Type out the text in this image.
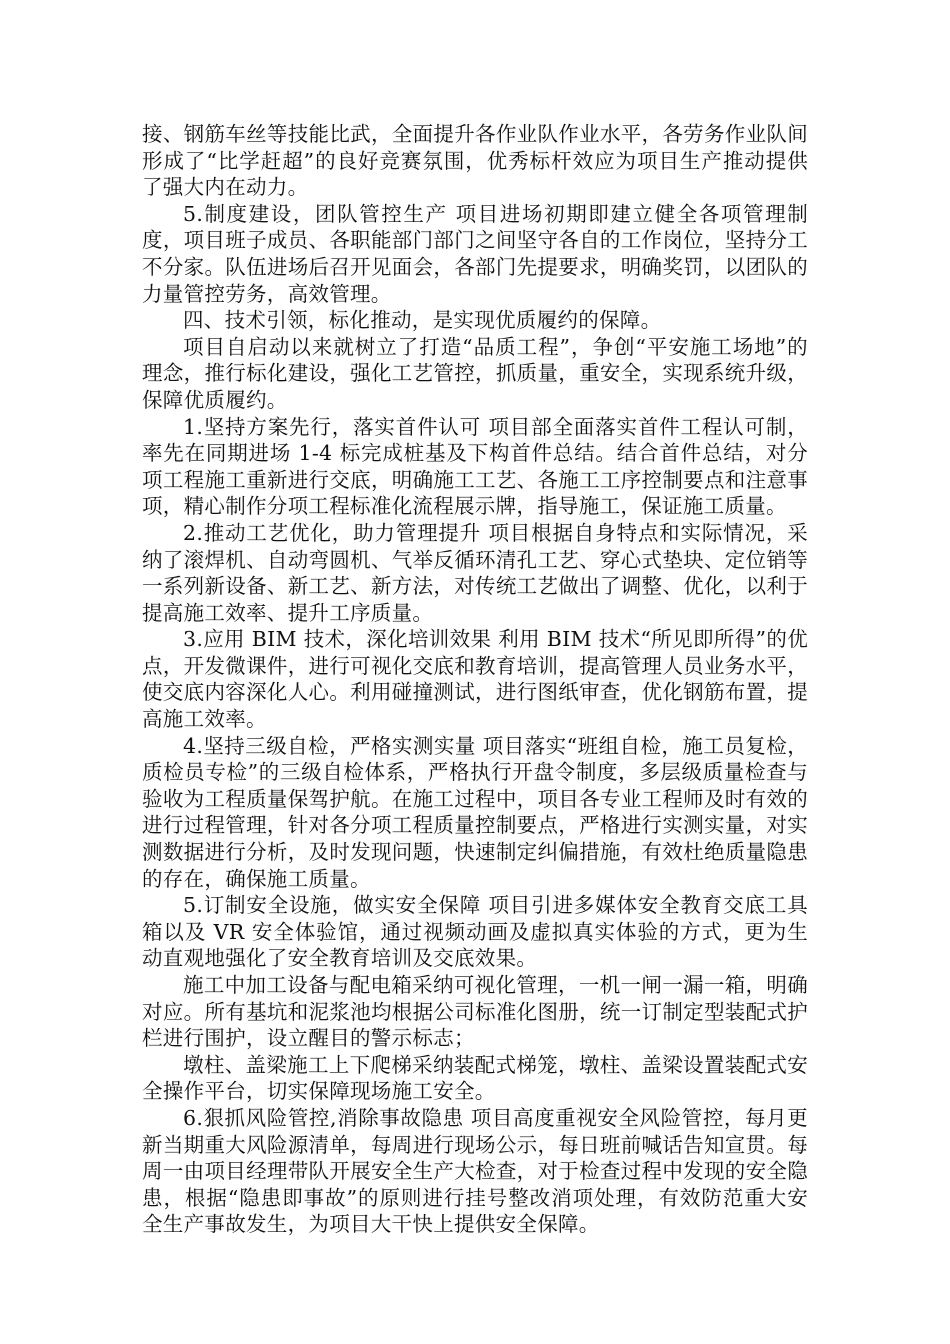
接、钢筋车丝等技能比武，全面提升各作业队作业水平，各劳务作业队间形成了“比学赶超”的良好竞赛氛围，优秀标杆效应为项目生产推动提供了强大内在动力。

5.制度建设，团队管控生产 项目进场初期即建立健全各项管理制度，项目班子成员、各职能部门部门之间坚守各自的工作岗位，坚持分工不分家。队伍进场后召开见面会，各部门先提要求，明确奖罚，以团队的力量管控劳务，高效管理。

四、技术引领，标化推动，是实现优质履约的保障。

项目自启动以来就树立了打造“品质工程”，争创“平安施工场地”的理念，推行标化建设，强化工艺管控，抓质量，重安全，实现系统升级，保障优质履约。

1.坚持方案先行，落实首件认可 项目部全面落实首件工程认可制，率先在同期进场 1-4 标完成桩基及下构首件总结。结合首件总结，对分项工程施工重新进行交底，明确施工工艺、各施工工序控制要点和注意事项，精心制作分项工程标准化流程展示牌，指导施工，保证施工质量。

2.推动工艺优化，助力管理提升 项目根据自身特点和实际情况，采纳了滚焊机、自动弯圆机、气举反循环清孔工艺、穿心式垫块、定位销等一系列新设备、新工艺、新方法，对传统工艺做出了调整、优化，以利于提高施工效率、提升工序质量。

3.应用 BIM 技术，深化培训效果 利用 BIM 技术“所见即所得”的优点，开发微课件，进行可视化交底和教育培训，提高管理人员业务水平，使交底内容深化人心。利用碰撞测试，进行图纸审查，优化钢筋布置，提高施工效率。

4.坚持三级自检，严格实测实量 项目落实“班组自检，施工员复检，质检员专检”的三级自检体系，严格执行开盘令制度，多层级质量检查与验收为工程质量保驾护航。在施工过程中，项目各专业工程师及时有效的进行过程管理，针对各分项工程质量控制要点，严格进行实测实量，对实测数据进行分析，及时发现问题，快速制定纠偏措施，有效杜绝质量隐患的存在，确保施工质量。

5.订制安全设施，做实安全保障 项目引进多媒体安全教育交底工具箱以及 VR 安全体验馆，通过视频动画及虚拟真实体验的方式，更为生动直观地强化了安全教育培训及交底效果。

施工中加工设备与配电箱采纳可视化管理，一机一闸一漏一箱，明确对应。所有基坑和泥浆池均根据公司标准化图册，统一订制定型装配式护栏进行围护，设立醒目的警示标志；

墩柱、盖梁施工上下爬梯采纳装配式梯笼，墩柱、盖梁设置装配式安全操作平台，切实保障现场施工安全。

6.狠抓风险管控,消除事故隐患 项目高度重视安全风险管控，每月更新当期重大风险源清单，每周进行现场公示，每日班前喊话告知宣贯。每周一由项目经理带队开展安全生产大检查，对于检查过程中发现的安全隐患，根据“隐患即事故”的原则进行挂号整改消项处理，有效防范重大安全生产事故发生，为项目大干快上提供安全保障。
